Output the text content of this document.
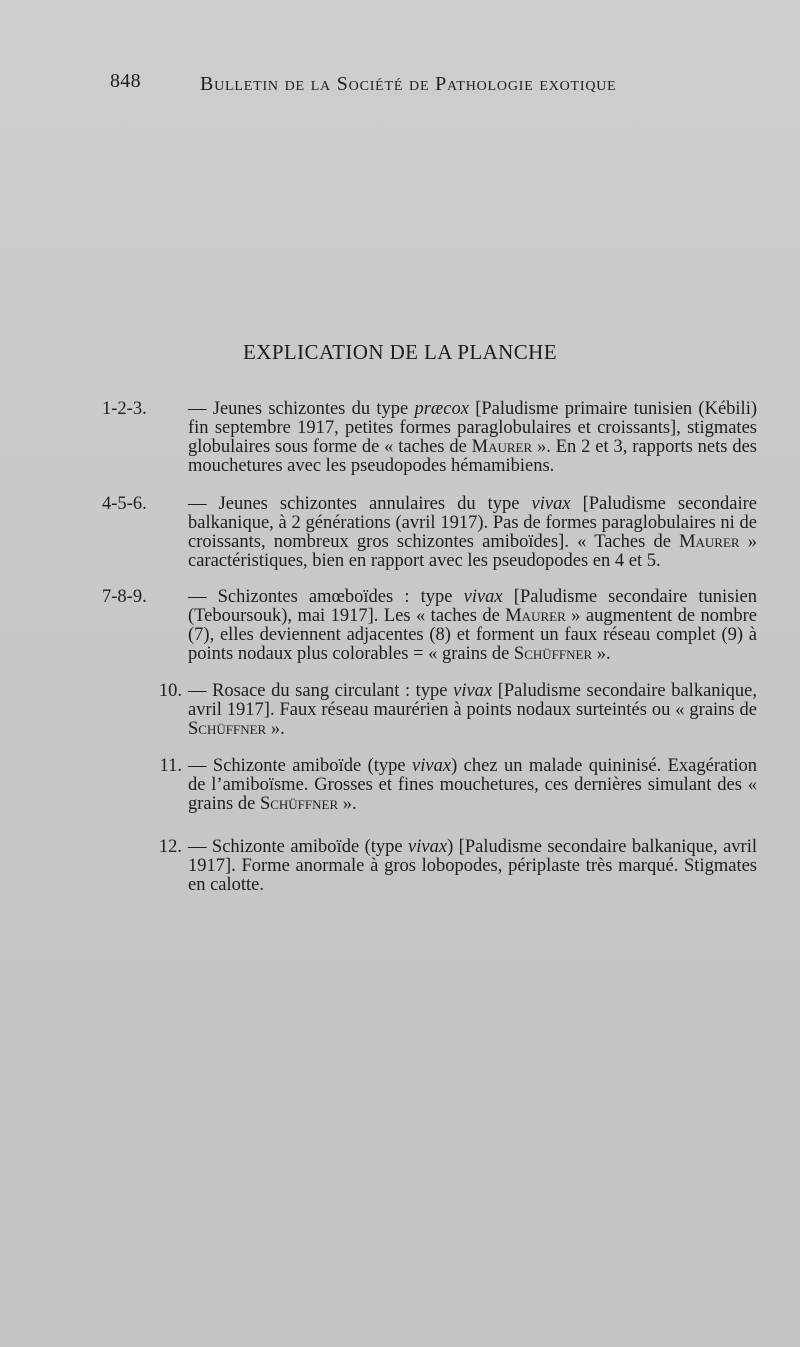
848	Bulletin de la Société de Pathologie exotique
EXPLICATION DE LA PLANCHE
1-2-3.	— Jeunes schizontes du type præcox [Paludisme primaire tunisien (Kébili) fin septembre 1917, petites formes paraglobulaires et croissants], stigmates globulaires sous forme de « taches de Maurer ». En 2 et 3, rapports nets des mouchetures avec les pseudopodes hémamibiens.
4-5-6.	— Jeunes schizontes annulaires du type vivax [Paludisme secondaire balkanique, à 2 générations (avril 1917). Pas de formes paraglobulaires ni de croissants, nombreux gros schizontes amiboïdes]. « Taches de Maurer » caractéristiques, bien en rapport avec les pseudopodes en 4 et 5.
7-8-9.	— Schizontes amœboïdes : type vivax [Paludisme secondaire tunisien (Teboursouk), mai 1917]. Les « taches de Maurer » augmentent de nombre (7), elles deviennent adjacentes (8) et forment un faux réseau complet (9) à points nodaux plus colorables = « grains de Schüffner ».
10. — Rosace du sang circulant : type vivax [Paludisme secondaire balkanique, avril 1917]. Faux réseau maurérien à points nodaux surteintés ou « grains de Schüffner ».
11. — Schizonte amiboïde (type vivax) chez un malade quininisé. Exagération de l’amiboïsme. Grosses et fines mouchetures, ces dernières simulant des « grains de Schüffner ».
12. — Schizonte amiboïde (type vivax) [Paludisme secondaire balkanique, avril 1917]. Forme anormale à gros lobopodes, périplaste très marqué. Stigmates en calotte.
